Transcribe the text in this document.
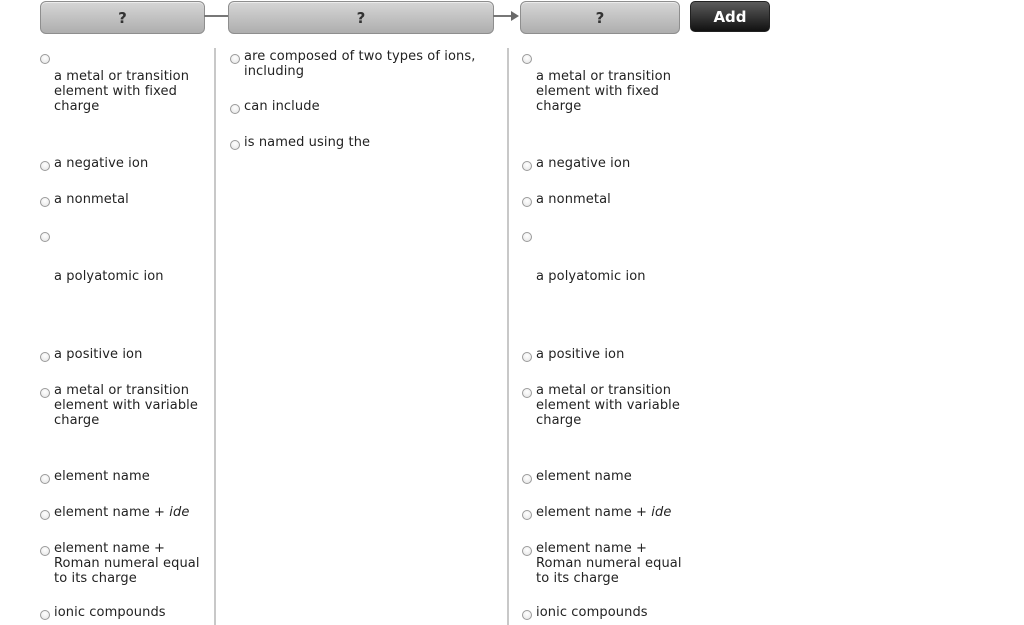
?	?	?	Add
a metal or transition
element with fixed
charge
a negative ion
a nonmetal
a polyatomic ion
a positive ion
a metal or transition
element with variable
charge
element name
element name + ide
element name +
Roman numeral equal
to its charge
ionic compounds
are composed of two types of ions,
including
can include
is named using the
a metal or transition
element with fixed
charge
a negative ion
a nonmetal
a polyatomic ion
a positive ion
a metal or transition
element with variable
charge
element name
element name + ide
element name +
Roman numeral equal
to its charge
ionic compounds
